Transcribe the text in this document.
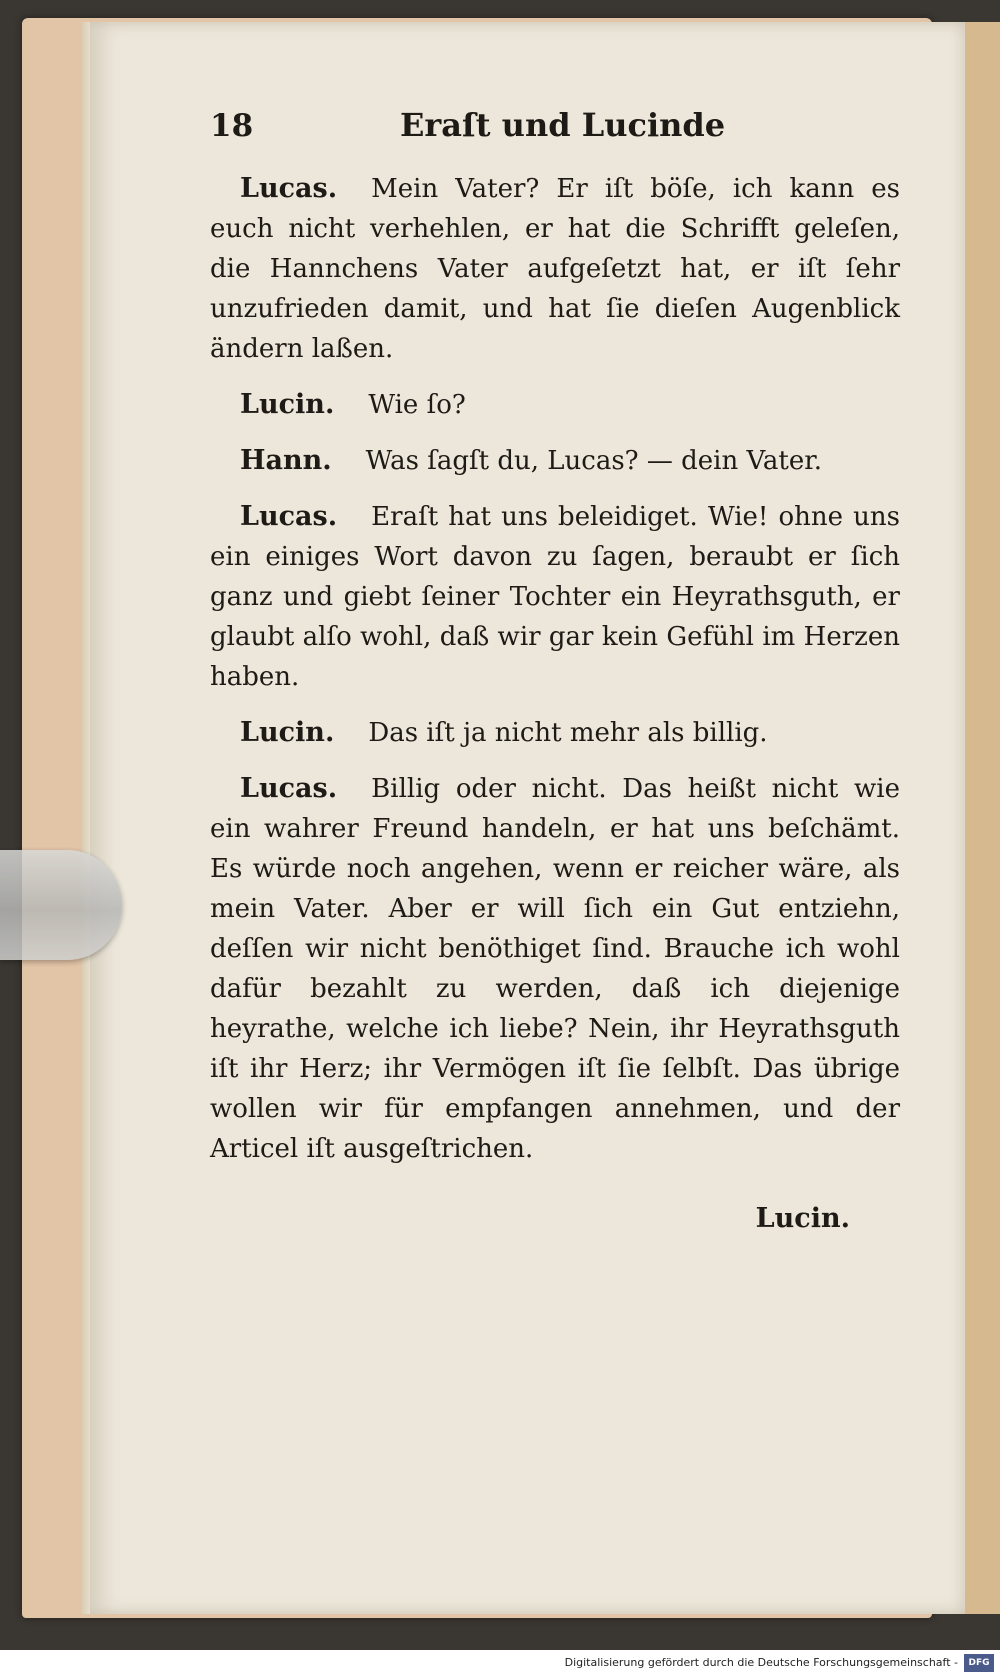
18	Eraſt und Lucinde

Lucas. Mein Vater? Er iſt böſe, ich kann es euch nicht verhehlen, er hat die Schrifft geleſen, die Hannchens Vater aufgeſetzt hat, er iſt ſehr unzufrieden damit, und hat ſie dieſen Augenblick ändern laßen.

Lucin. Wie ſo?

Hann. Was ſagſt du, Lucas? — dein Vater.

Lucas. Eraſt hat uns beleidiget. Wie! ohne uns ein einiges Wort davon zu ſagen, beraubt er ſich ganz und giebt ſeiner Tochter ein Heyrathsguth, er glaubt alſo wohl, daß wir gar kein Gefühl im Herzen haben.

Lucin. Das iſt ja nicht mehr als billig.

Lucas. Billig oder nicht. Das heißt nicht wie ein wahrer Freund handeln, er hat uns beſchämt. Es würde noch angehen, wenn er reicher wäre, als mein Vater. Aber er will ſich ein Gut entziehn, deſſen wir nicht benöthiget ſind. Brauche ich wohl dafür bezahlt zu werden, daß ich diejenige heyrathe, welche ich liebe? Nein, ihr Heyrathsguth iſt ihr Herz; ihr Vermögen iſt ſie ſelbſt. Das übrige wollen wir für empfangen annehmen, und der Articel iſt ausgeſtrichen.

Lucin.
Digitalisierung gefördert durch die Deutsche Forschungsgemeinschaft -	DFG
